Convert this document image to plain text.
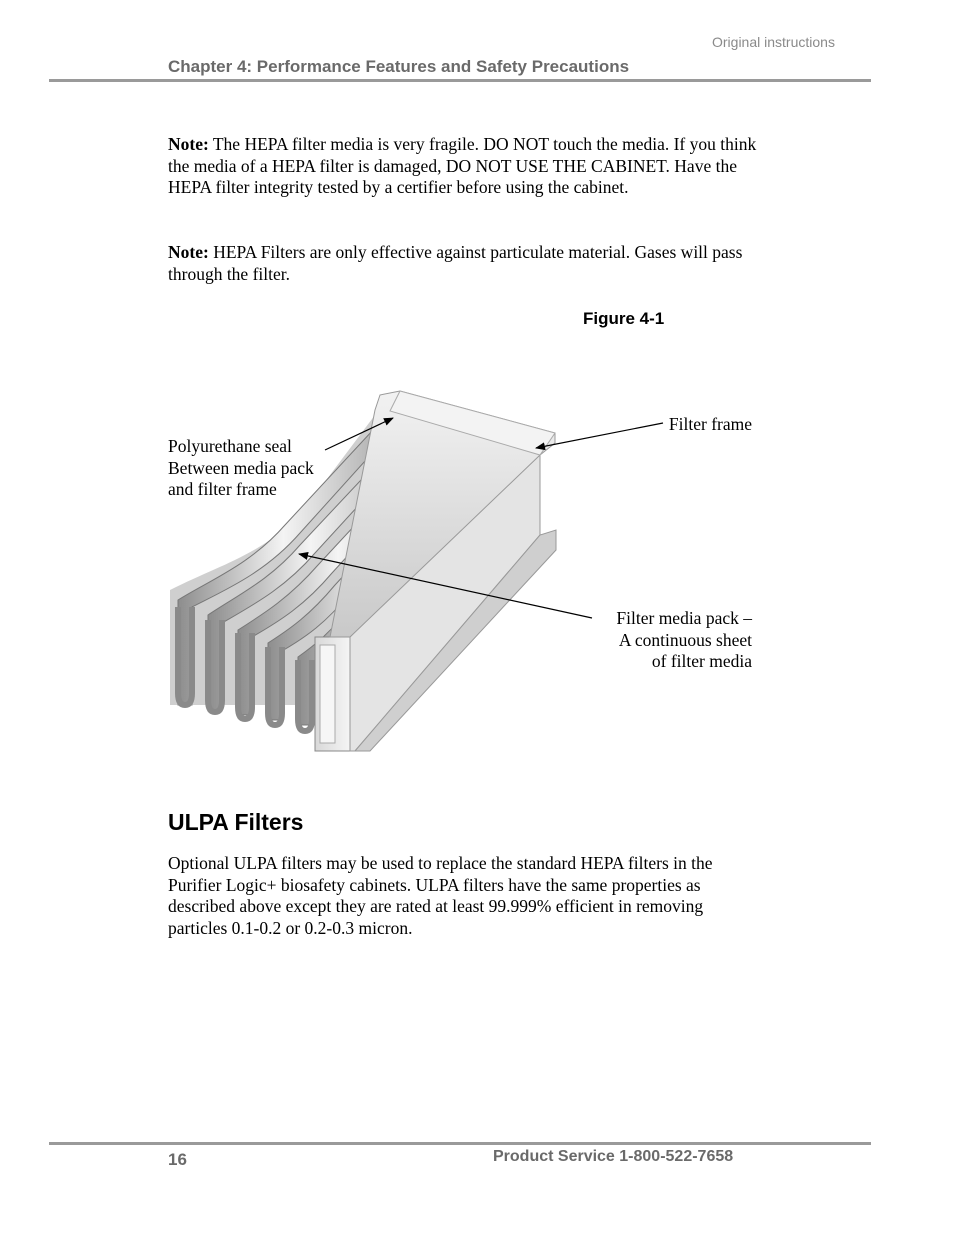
Original instructions
Chapter 4: Performance Features and Safety Precautions
Note: The HEPA filter media is very fragile. DO NOT touch the media. If you think the media of a HEPA filter is damaged, DO NOT USE THE CABINET. Have the HEPA filter integrity tested by a certifier before using the cabinet.
Note: HEPA Filters are only effective against particulate material. Gases will pass through the filter.
Figure 4-1
Polyurethane seal
Between media pack
and filter frame
Filter frame
Filter media pack –
A continuous sheet
of filter media
ULPA Filters
Optional ULPA filters may be used to replace the standard HEPA filters in the Purifier Logic+ biosafety cabinets. ULPA filters have the same properties as described above except they are rated at least 99.999% efficient in removing particles 0.1-0.2 or 0.2-0.3 micron.
16	Product Service 1-800-522-7658
